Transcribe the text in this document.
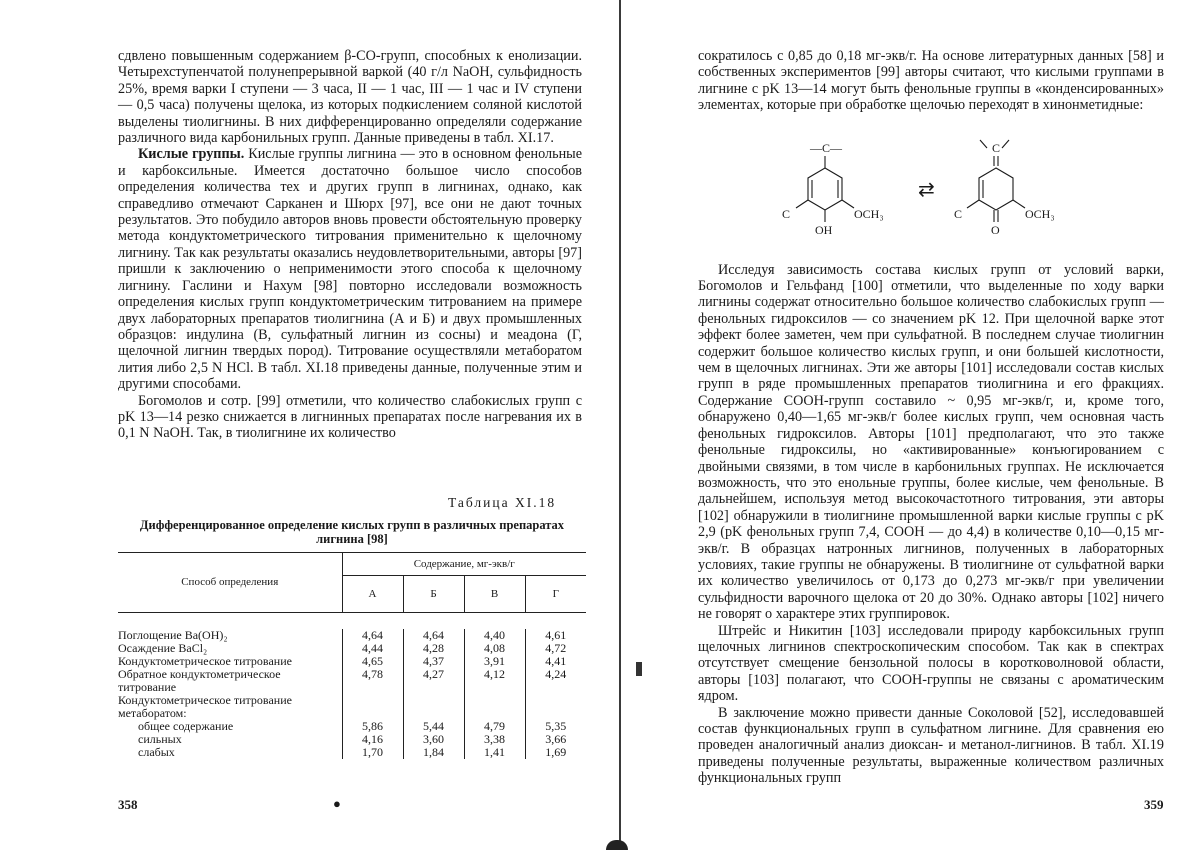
сдвлено повышенным содержанием β-СО-групп, способных к енолизации. Четырехступенчатой полунепрерывной варкой (40 г/л NaOH, сульфидность 25%, время варки I ступени — 3 часа, II — 1 час, III — 1 час и IV ступени — 0,5 часа) получены щелока, из которых подкислением соляной кислотой выделены тиолигнины. В них дифференцированно определяли содержание различного вида карбонильных групп. Данные приведены в табл. XI.17.

Кислые группы. Кислые группы лигнина — это в основном фенольные и карбоксильные. Имеется достаточно большое число способов определения количества тех и других групп в лигнинах, однако, как справедливо отмечают Сарканен и Шюрх [97], все они не дают точных результатов. Это побудило авторов вновь провести обстоятельную проверку метода кондуктометрического титрования применительно к щелочному лигнину. Так как результаты оказались неудовлетворительными, авторы [97] пришли к заключению о неприменимости этого способа к щелочному лигнину. Гаслини и Нахум [98] повторно исследовали возможность определения кислых групп кондуктометрическим титрованием на примере двух лабораторных препаратов тиолигнина (А и Б) и двух промышленных образцов: индулина (В, сульфатный лигнин из сосны) и меадона (Г, щелочной лигнин твердых пород). Титрование осуществляли метаборатом лития либо 2,5 N HCl. В табл. XI.18 приведены данные, полученные этим и другими способами.

Богомолов и сотр. [99] отметили, что количество слабокислых групп с pK 13—14 резко снижается в лигнинных препаратах после нагревания их в 0,1 N NaOH. Так, в тиолигнине их количество

Таблица XI.18
Дифференцированное определение кислых групп в различных препаратах лигнина [98]
Способ определения	Содержание, мг-экв/г			
	А	Б	В	Г

Поглощение Ba(OH)₂	4,64	4,64	4,40	4,61
Осаждение BaCl₂	4,44	4,28	4,08	4,72
Кондуктометрическое титрование	4,65	4,37	3,91	4,41
Обратное кондуктометрическое титрование	4,78	4,27	4,12	4,24
Кондуктометрическое титрование метаборатом:				
общее содержание	5,86	5,44	4,79	5,35
сильных	4,16	3,60	3,38	3,66
слабых	1,70	1,84	1,41	1,69
358	●

сократилось с 0,85 до 0,18 мг-экв/г. На основе литературных данных [58] и собственных экспериментов [99] авторы считают, что кислыми группами в лигнине с pK 13—14 могут быть фенольные группы в «конденсированных» элементах, которые при обработке щелочью переходят в хинонметидные:

Исследуя зависимость состава кислых групп от условий варки, Богомолов и Гельфанд [100] отметили, что выделенные по ходу варки лигнины содержат относительно большое количество слабокислых групп — фенольных гидроксилов — со значением pK 12. При щелочной варке этот эффект более заметен, чем при сульфатной. В последнем случае тиолигнин содержит большое количество кислых групп, и они большей кислотности, чем в щелочных лигнинах. Эти же авторы [101] исследовали состав кислых групп в ряде промышленных препаратов тиолигнина и его фракциях. Содержание СООН-групп составило ~ 0,95 мг-экв/г, и, кроме того, обнаружено 0,40—1,65 мг-экв/г более кислых групп, чем основная часть фенольных гидроксилов. Авторы [101] предполагают, что это также фенольные гидроксилы, но «активированные» конъюгированием с двойными связями, в том числе в карбонильных группах. Не исключается возможность, что это енольные группы, более кислые, чем фенольные. В дальнейшем, используя метод высокочастотного титрования, эти авторы [102] обнаружили в тиолигнине промышленной варки кислые группы с pK 2,9 (pK фенольных групп 7,4, СООН — до 4,4) в количестве 0,10—0,15 мг-экв/г. В образцах натронных лигнинов, полученных в лабораторных условиях, такие группы не обнаружены. В тиолигнине от сульфатной варки их количество увеличилось от 0,173 до 0,273 мг-экв/г при увеличении сульфидности варочного щелока от 20 до 30%. Однако авторы [102] ничего не говорят о характере этих группировок.

Штрейс и Никитин [103] исследовали природу карбоксильных групп щелочных лигнинов спектроскопическим способом. Так как в спектрах отсутствует смещение бензольной полосы в коротковолновой области, авторы [103] полагают, что СООН-группы не связаны с ароматическим ядром.

В заключение можно привести данные Соколовой [52], исследовавшей состав функциональных групп в сульфатном лигнине. Для сравнения ею проведен аналогичный анализ диоксан- и метанол-лигнинов. В табл. XI.19 приведены полученные результаты, выраженные количеством различных функциональных групп

—C—
OH
C	OCH₃
⇄
C
O
C	OCH₃
359
